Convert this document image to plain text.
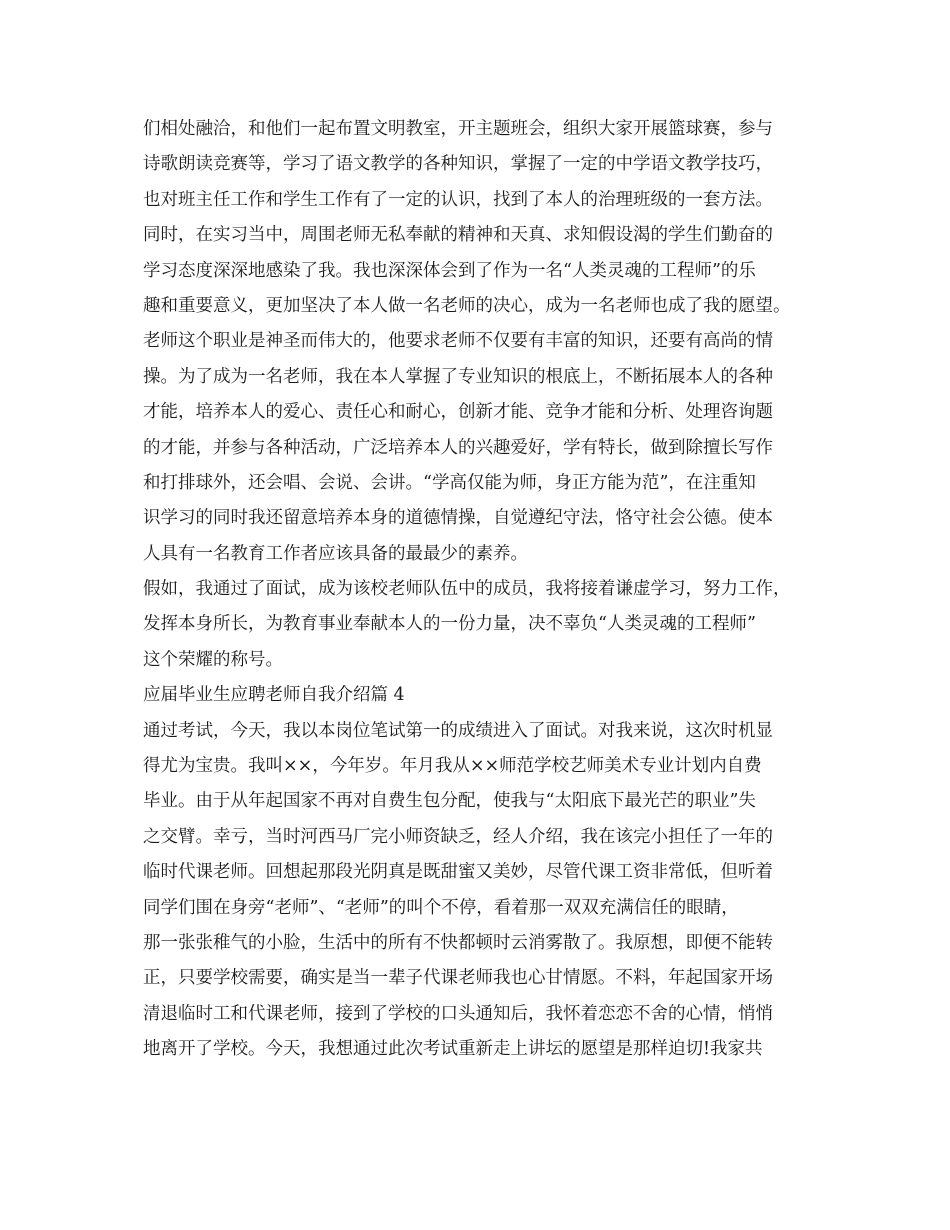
们相处融洽，和他们一起布置文明教室，开主题班会，组织大家开展篮球赛，参与
诗歌朗读竞赛等，学习了语文教学的各种知识，掌握了一定的中学语文教学技巧，
也对班主任工作和学生工作有了一定的认识，找到了本人的治理班级的一套方法。
同时，在实习当中，周围老师无私奉献的精神和天真、求知假设渴的学生们勤奋的
学习态度深深地感染了我。我也深深体会到了作为一名“人类灵魂的工程师”的乐
趣和重要意义，更加坚决了本人做一名老师的决心，成为一名老师也成了我的愿望。
老师这个职业是神圣而伟大的，他要求老师不仅要有丰富的知识，还要有高尚的情
操。为了成为一名老师，我在本人掌握了专业知识的根底上，不断拓展本人的各种
才能，培养本人的爱心、责任心和耐心，创新才能、竞争才能和分析、处理咨询题
的才能，并参与各种活动，广泛培养本人的兴趣爱好，学有特长，做到除擅长写作
和打排球外，还会唱、会说、会讲。“学高仅能为师，身正方能为范”，在注重知
识学习的同时我还留意培养本身的道德情操，自觉遵纪守法，恪守社会公德。使本
人具有一名教育工作者应该具备的最最少的素养。
假如，我通过了面试，成为该校老师队伍中的成员，我将接着谦虚学习，努力工作，
发挥本身所长，为教育事业奉献本人的一份力量，决不辜负“人类灵魂的工程师”
这个荣耀的称号。
应届毕业生应聘老师自我介绍篇 4
通过考试，今天，我以本岗位笔试第一的成绩进入了面试。对我来说，这次时机显
得尤为宝贵。我叫××，今年岁。年月我从××师范学校艺师美术专业计划内自费
毕业。由于从年起国家不再对自费生包分配，使我与“太阳底下最光芒的职业”失
之交臂。幸亏，当时河西马厂完小师资缺乏，经人介绍，我在该完小担任了一年的
临时代课老师。回想起那段光阴真是既甜蜜又美妙，尽管代课工资非常低，但听着
同学们围在身旁“老师”、“老师”的叫个不停，看着那一双双充满信任的眼睛，
那一张张稚气的小脸，生活中的所有不快都顿时云消雾散了。我原想，即便不能转
正，只要学校需要，确实是当一辈子代课老师我也心甘情愿。不料，年起国家开场
清退临时工和代课老师，接到了学校的口头通知后，我怀着恋恋不舍的心情，悄悄
地离开了学校。今天，我想通过此次考试重新走上讲坛的愿望是那样迫切!我家共
